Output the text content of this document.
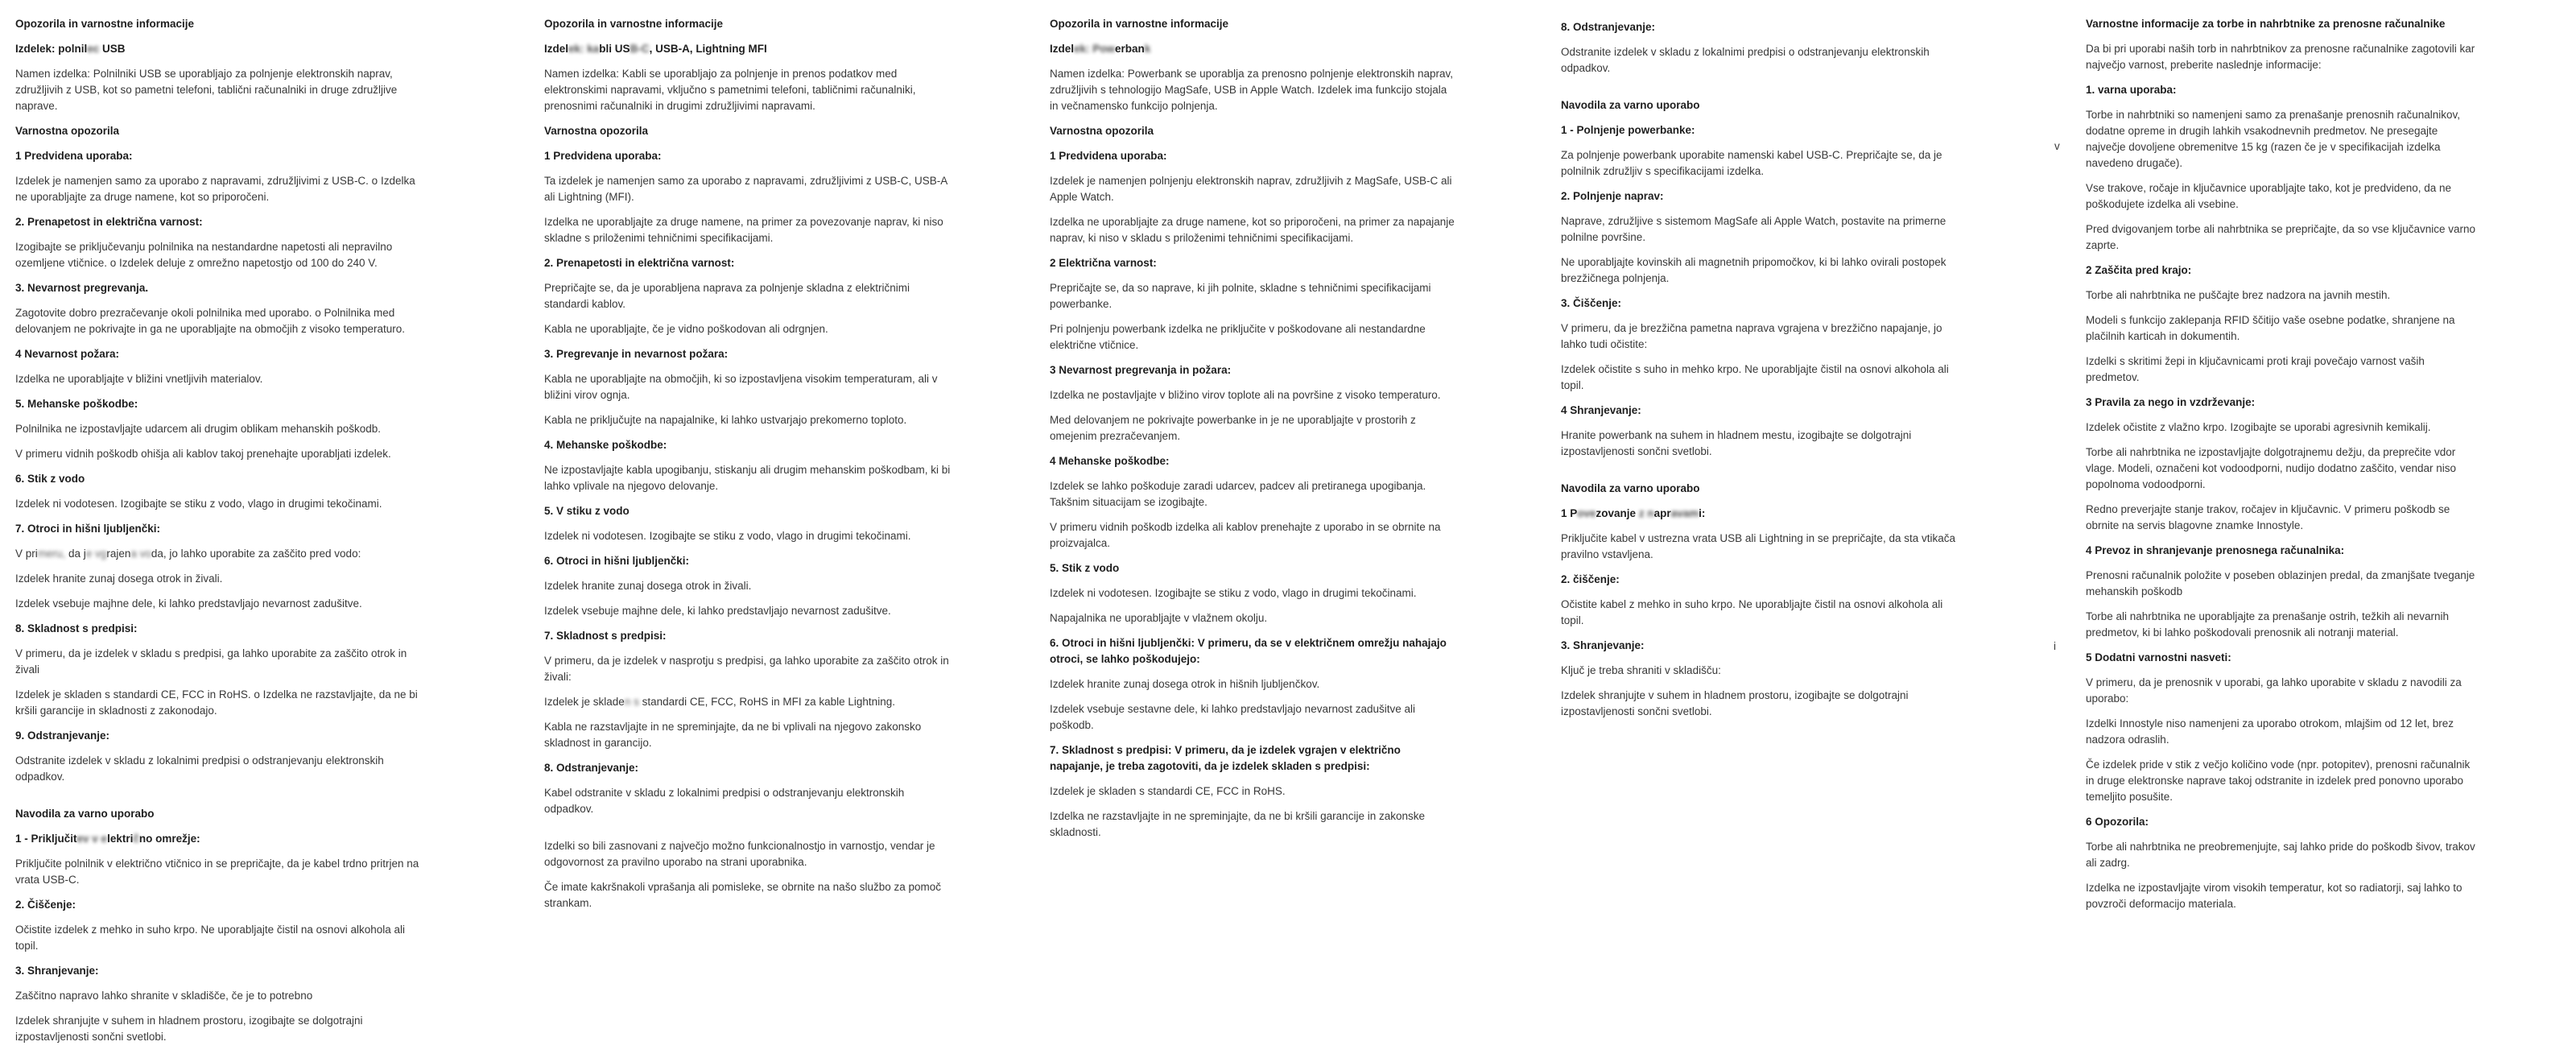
Opozorila in varnostne informacije
Izdelek: polnilec USB
Namen izdelka: Polnilniki USB se uporabljajo za polnjenje elektronskih naprav, združljivih z USB, kot so pametni telefoni, tablični računalniki in druge združljive naprave.
Varnostna opozorila
1 Predvidena uporaba:
Izdelek je namenjen samo za uporabo z napravami, združljivimi z USB-C. o Izdelka ne uporabljajte za druge namene, kot so priporočeni.
2. Prenapetost in električna varnost:
Izogibajte se priključevanju polnilnika na nestandardne napetosti ali nepravilno ozemljene vtičnice. o Izdelek deluje z omrežno napetostjo od 100 do 240 V.
3. Nevarnost pregrevanja.
Zagotovite dobro prezračevanje okoli polnilnika med uporabo. o Polnilnika med delovanjem ne pokrivajte in ga ne uporabljajte na območjih z visoko temperaturo.
4 Nevarnost požara:
Izdelka ne uporabljajte v bližini vnetljivih materialov.
5. Mehanske poškodbe:
Polnilnika ne izpostavljajte udarcem ali drugim oblikam mehanskih poškodb.
V primeru vidnih poškodb ohišja ali kablov takoj prenehajte uporabljati izdelek.
6. Stik z vodo
Izdelek ni vodotesen. Izogibajte se stiku z vodo, vlago in drugimi tekočinami.
7. Otroci in hišni ljubljenčki:
V primeru, da je vgrajena voda, jo lahko uporabite za zaščito pred vodo:
Izdelek hranite zunaj dosega otrok in živali.
Izdelek vsebuje majhne dele, ki lahko predstavljajo nevarnost zadušitve.
8. Skladnost s predpisi:
V primeru, da je izdelek v skladu s predpisi, ga lahko uporabite za zaščito otrok in živali
Izdelek je skladen s standardi CE, FCC in RoHS. o Izdelka ne razstavljajte, da ne bi kršili garancije in skladnosti z zakonodajo.
9. Odstranjevanje:
Odstranite izdelek v skladu z lokalnimi predpisi o odstranjevanju elektronskih odpadkov.
Navodila za varno uporabo
1 - Priključitev v električno omrežje:
Priključite polnilnik v električno vtičnico in se prepričajte, da je kabel trdno pritrjen na vrata USB-C.
2. Čiščenje:
Očistite izdelek z mehko in suho krpo. Ne uporabljajte čistil na osnovi alkohola ali topil.
3. Shranjevanje:
Zaščitno napravo lahko shranite v skladišče, če je to potrebno
Izdelek shranjujte v suhem in hladnem prostoru, izogibajte se dolgotrajni izpostavljenosti sončni svetlobi.
Opozorila in varnostne informacije
Izdelek: kabli USB-C, USB-A, Lightning MFI
Namen izdelka: Kabli se uporabljajo za polnjenje in prenos podatkov med elektronskimi napravami, vključno s pametnimi telefoni, tabličnimi računalniki, prenosnimi računalniki in drugimi združljivimi napravami.
Varnostna opozorila
1 Predvidena uporaba:
Ta izdelek je namenjen samo za uporabo z napravami, združljivimi z USB-C, USB-A ali Lightning (MFI).
Izdelka ne uporabljajte za druge namene, na primer za povezovanje naprav, ki niso skladne s priloženimi tehničnimi specifikacijami.
2. Prenapetosti in električna varnost:
Prepričajte se, da je uporabljena naprava za polnjenje skladna z električnimi standardi kablov.
Kabla ne uporabljajte, če je vidno poškodovan ali odrgnjen.
3. Pregrevanje in nevarnost požara:
Kabla ne uporabljajte na območjih, ki so izpostavljena visokim temperaturam, ali v bližini virov ognja.
Kabla ne priključujte na napajalnike, ki lahko ustvarjajo prekomerno toploto.
4. Mehanske poškodbe:
Ne izpostavljajte kabla upogibanju, stiskanju ali drugim mehanskim poškodbam, ki bi lahko vplivale na njegovo delovanje.
5. V stiku z vodo
Izdelek ni vodotesen. Izogibajte se stiku z vodo, vlago in drugimi tekočinami.
6. Otroci in hišni ljubljenčki:
Izdelek hranite zunaj dosega otrok in živali.
Izdelek vsebuje majhne dele, ki lahko predstavljajo nevarnost zadušitve.
7. Skladnost s predpisi:
V primeru, da je izdelek v nasprotju s predpisi, ga lahko uporabite za zaščito otrok in živali:
Izdelek je skladen s standardi CE, FCC, RoHS in MFI za kable Lightning.
Kabla ne razstavljajte in ne spreminjajte, da ne bi vplivali na njegovo zakonsko skladnost in garancijo.
8. Odstranjevanje:
Kabel odstranite v skladu z lokalnimi predpisi o odstranjevanju elektronskih odpadkov.
Izdelki so bili zasnovani z največjo možno funkcionalnostjo in varnostjo, vendar je odgovornost za pravilno uporabo na strani uporabnika.
Če imate kakršnakoli vprašanja ali pomisleke, se obrnite na našo službo za pomoč strankam.
Opozorila in varnostne informacije
Izdelek: Powerbank
Namen izdelka: Powerbank se uporablja za prenosno polnjenje elektronskih naprav, združljivih s tehnologijo MagSafe, USB in Apple Watch. Izdelek ima funkcijo stojala in večnamensko funkcijo polnjenja.
Varnostna opozorila
1 Predvidena uporaba:
Izdelek je namenjen polnjenju elektronskih naprav, združljivih z MagSafe, USB-C ali Apple Watch.
Izdelka ne uporabljajte za druge namene, kot so priporočeni, na primer za napajanje naprav, ki niso v skladu s priloženimi tehničnimi specifikacijami.
2 Električna varnost:
Prepričajte se, da so naprave, ki jih polnite, skladne s tehničnimi specifikacijami powerbanke.
Pri polnjenju powerbank izdelka ne priključite v poškodovane ali nestandardne električne vtičnice.
3 Nevarnost pregrevanja in požara:
Izdelka ne postavljajte v bližino virov toplote ali na površine z visoko temperaturo.
Med delovanjem ne pokrivajte powerbanke in je ne uporabljajte v prostorih z omejenim prezračevanjem.
4 Mehanske poškodbe:
Izdelek se lahko poškoduje zaradi udarcev, padcev ali pretiranega upogibanja. Takšnim situacijam se izogibajte.
V primeru vidnih poškodb izdelka ali kablov prenehajte z uporabo in se obrnite na proizvajalca.
5. Stik z vodo
Izdelek ni vodotesen. Izogibajte se stiku z vodo, vlago in drugimi tekočinami.
Napajalnika ne uporabljajte v vlažnem okolju.
6. Otroci in hišni ljubljenčki: V primeru, da se v električnem omrežju nahajajo otroci, se lahko poškodujejo:
Izdelek hranite zunaj dosega otrok in hišnih ljubljenčkov.
Izdelek vsebuje sestavne dele, ki lahko predstavljajo nevarnost zadušitve ali poškodb.
7. Skladnost s predpisi: V primeru, da je izdelek vgrajen v električno napajanje, je treba zagotoviti, da je izdelek skladen s predpisi:
Izdelek je skladen s standardi CE, FCC in RoHS.
Izdelka ne razstavljajte in ne spreminjajte, da ne bi kršili garancije in zakonske skladnosti.
8. Odstranjevanje:
Odstranite izdelek v skladu z lokalnimi predpisi o odstranjevanju elektronskih odpadkov.
Navodila za varno uporabo
1 - Polnjenje powerbanke:
Za polnjenje powerbank uporabite namenski kabel USB-C. Prepričajte se, da je polnilnik združljiv s specifikacijami izdelka.
2. Polnjenje naprav:
Naprave, združljive s sistemom MagSafe ali Apple Watch, postavite na primerne polnilne površine.
Ne uporabljajte kovinskih ali magnetnih pripomočkov, ki bi lahko ovirali postopek brezžičnega polnjenja.
3. Čiščenje:
V primeru, da je brezžična pametna naprava vgrajena v brezžično napajanje, jo lahko tudi očistite:
Izdelek očistite s suho in mehko krpo. Ne uporabljajte čistil na osnovi alkohola ali topil.
4 Shranjevanje:
Hranite powerbank na suhem in hladnem mestu, izogibajte se dolgotrajni izpostavljenosti sončni svetlobi.
Navodila za varno uporabo
1 Povezovanje z napravami:
Priključite kabel v ustrezna vrata USB ali Lightning in se prepričajte, da sta vtikača pravilno vstavljena.
2. čiščenje:
Očistite kabel z mehko in suho krpo. Ne uporabljajte čistil na osnovi alkohola ali topil.
3. Shranjevanje:
Ključ je treba shraniti v skladišču:
Izdelek shranjujte v suhem in hladnem prostoru, izogibajte se dolgotrajni izpostavljenosti sončni svetlobi.
Varnostne informacije za torbe in nahrbtnike za prenosne računalnike
Da bi pri uporabi naših torb in nahrbtnikov za prenosne računalnike zagotovili kar največjo varnost, preberite naslednje informacije:
1. varna uporaba:
Torbe in nahrbtniki so namenjeni samo za prenašanje prenosnih računalnikov, dodatne opreme in drugih lahkih vsakodnevnih predmetov. Ne presegajte največje dovoljene obremenitve 15 kg (razen če je v specifikacijah izdelka navedeno drugače).
Vse trakove, ročaje in ključavnice uporabljajte tako, kot je predvideno, da ne poškodujete izdelka ali vsebine.
Pred dvigovanjem torbe ali nahrbtnika se prepričajte, da so vse ključavnice varno zaprte.
2 Zaščita pred krajo:
Torbe ali nahrbtnika ne puščajte brez nadzora na javnih mestih.
Modeli s funkcijo zaklepanja RFID ščitijo vaše osebne podatke, shranjene na plačilnih karticah in dokumentih.
Izdelki s skritimi žepi in ključavnicami proti kraji povečajo varnost vaših predmetov.
3 Pravila za nego in vzdrževanje:
Izdelek očistite z vlažno krpo. Izogibajte se uporabi agresivnih kemikalij.
Torbe ali nahrbtnika ne izpostavljajte dolgotrajnemu dežju, da preprečite vdor vlage. Modeli, označeni kot vodoodporni, nudijo dodatno zaščito, vendar niso popolnoma vodoodporni.
Redno preverjajte stanje trakov, ročajev in ključavnic. V primeru poškodb se obrnite na servis blagovne znamke Innostyle.
4 Prevoz in shranjevanje prenosnega računalnika:
Prenosni računalnik položite v poseben oblazinjen predal, da zmanjšate tveganje mehanskih poškodb
Torbe ali nahrbtnika ne uporabljajte za prenašanje ostrih, težkih ali nevarnih predmetov, ki bi lahko poškodovali prenosnik ali notranji material.
5 Dodatni varnostni nasveti:
V primeru, da je prenosnik v uporabi, ga lahko uporabite v skladu z navodili za uporabo:
Izdelki Innostyle niso namenjeni za uporabo otrokom, mlajšim od 12 let, brez nadzora odraslih.
Če izdelek pride v stik z večjo količino vode (npr. potopitev), prenosni računalnik in druge elektronske naprave takoj odstranite in izdelek pred ponovno uporabo temeljito posušite.
6 Opozorila:
Torbe ali nahrbtnika ne preobremenjujte, saj lahko pride do poškodb šivov, trakov ali zadrg.
Izdelka ne izpostavljajte virom visokih temperatur, kot so radiatorji, saj lahko to povzroči deformacijo materiala.
v
i
